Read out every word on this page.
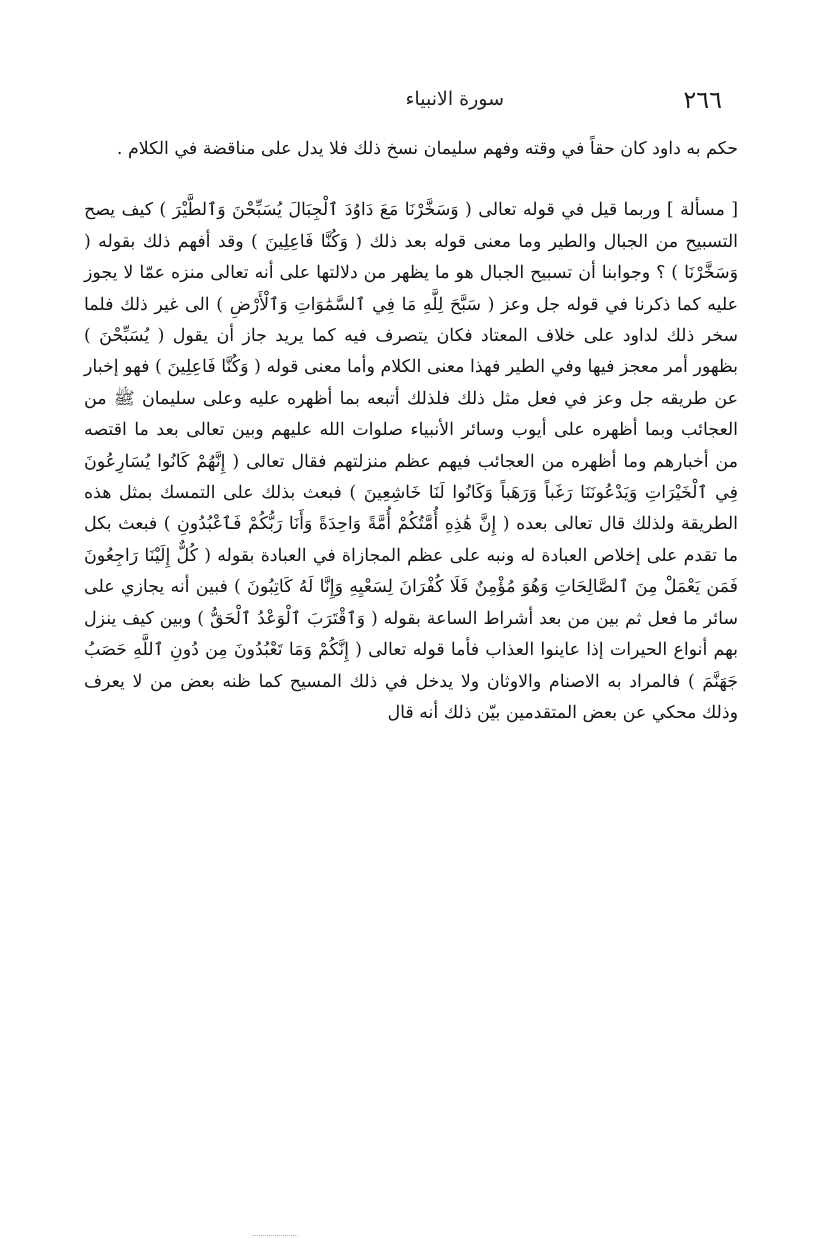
٢٦٦
سورة الانبياء

حكم به داود كان حقاً في وقته وفهم سليمان نسخ ذلك فلا يدل على مناقضة في الكلام .

[ مسألة ] وربما قيل في قوله تعالى ( وَسَخَّرْنَا مَعَ دَاوُدَ ٱلْجِبَالَ يُسَبِّحْنَ وَٱلطَّيْرَ ) كيف يصح التسبيح من الجبال والطير وما معنى قوله بعد ذلك ( وَكُنَّا فَاعِلِينَ ) وقد أفهم ذلك بقوله ( وَسَخَّرْنَا ) ؟ وجوابنا أن تسبيح الجبال هو ما يظهر من دلالتها على أنه تعالى منزه عمّا لا يجوز عليه كما ذكرنا في قوله جل وعز ( سَبَّحَ لِلَّهِ مَا فِي ٱلسَّمَٰوَاتِ وَٱلْأَرْضِ ) الى غير ذلك فلما سخر ذلك لداود على خلاف المعتاد فكان يتصرف فيه كما يريد جاز أن يقول ( يُسَبِّحْنَ ) بظهور أمر معجز فيها وفي الطير فهذا معنى الكلام وأما معنى قوله ( وَكُنَّا فَاعِلِينَ ) فهو إخبار عن طريقه جل وعز في فعل مثل ذلك فلذلك أتبعه بما أظهره عليه وعلى سليمان ﷺ من العجائب وبما أظهره على أيوب وسائر الأنبياء صلوات الله عليهم وبين تعالى بعد ما اقتصه من أخبارهم وما أظهره من العجائب فيهم عظم منزلتهم فقال تعالى ( إِنَّهُمْ كَانُوا يُسَارِعُونَ فِي ٱلْخَيْرَاتِ وَيَدْعُونَنَا رَغَباً وَرَهَباً وَكَانُوا لَنَا خَاشِعِينَ ) فبعث بذلك على التمسك بمثل هذه الطريقة ولذلك قال تعالى بعده ( إِنَّ هَٰذِهِ أُمَّتُكُمْ أُمَّةً وَاحِدَةً وَأَنَا رَبُّكُمْ فَٱعْبُدُونِ ) فبعث بكل ما تقدم على إخلاص العبادة له ونبه على عظم المجازاة في العبادة بقوله ( كُلٌّ إِلَيْنَا رَاجِعُونَ فَمَن يَعْمَلْ مِنَ ٱلصَّالِحَاتِ وَهُوَ مُؤْمِنٌ فَلَا كُفْرَانَ لِسَعْيِهِ وَإِنَّا لَهُ كَاتِبُونَ ) فبين أنه يجازي على سائر ما فعل ثم بين من بعد أشراط الساعة بقوله ( وَٱقْتَرَبَ ٱلْوَعْدُ ٱلْحَقُّ ) وبين كيف ينزل بهم أنواع الحيرات إذا عاينوا العذاب فأما قوله تعالى ( إِنَّكُمْ وَمَا تَعْبُدُونَ مِن دُونِ ٱللَّهِ حَصَبُ جَهَنَّمَ ) فالمراد به الاصنام والاوثان ولا يدخل في ذلك المسيح كما ظنه بعض من لا يعرف وذلك محكي عن بعض المتقدمين بيّن ذلك أنه قال
